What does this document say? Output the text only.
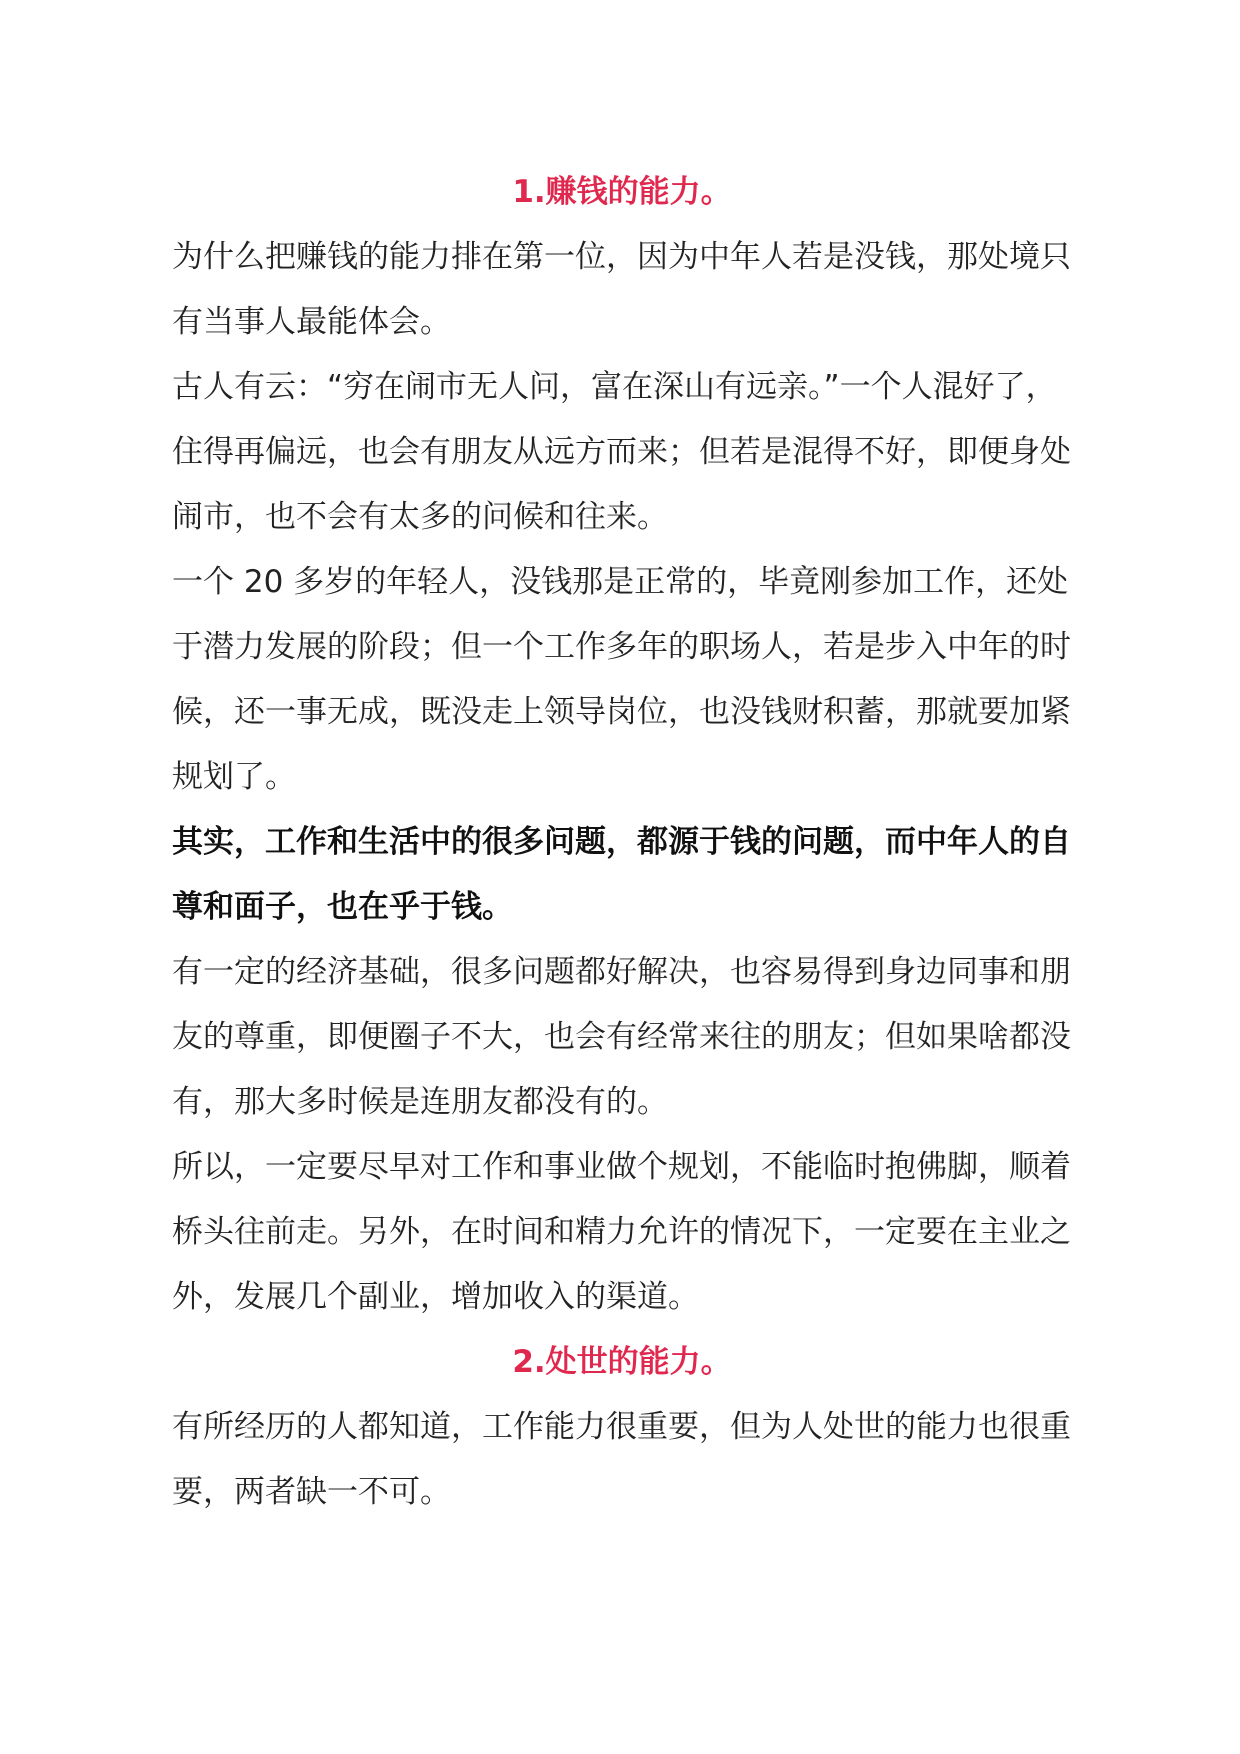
1.赚钱的能力。
为什么把赚钱的能力排在第一位，因为中年人若是没钱，那处境只
有当事人最能体会。
古人有云：“穷在闹市无人问，富在深山有远亲。”一个人混好了，
住得再偏远，也会有朋友从远方而来；但若是混得不好，即便身处
闹市，也不会有太多的问候和往来。
一个 20 多岁的年轻人，没钱那是正常的，毕竟刚参加工作，还处
于潜力发展的阶段；但一个工作多年的职场人，若是步入中年的时
候，还一事无成，既没走上领导岗位，也没钱财积蓄，那就要加紧
规划了。
其实，工作和生活中的很多问题，都源于钱的问题，而中年人的自
尊和面子，也在乎于钱。
有一定的经济基础，很多问题都好解决，也容易得到身边同事和朋
友的尊重，即便圈子不大，也会有经常来往的朋友；但如果啥都没
有，那大多时候是连朋友都没有的。
所以，一定要尽早对工作和事业做个规划，不能临时抱佛脚，顺着
桥头往前走。另外，在时间和精力允许的情况下，一定要在主业之
外，发展几个副业，增加收入的渠道。
2.处世的能力。
有所经历的人都知道，工作能力很重要，但为人处世的能力也很重
要，两者缺一不可。
